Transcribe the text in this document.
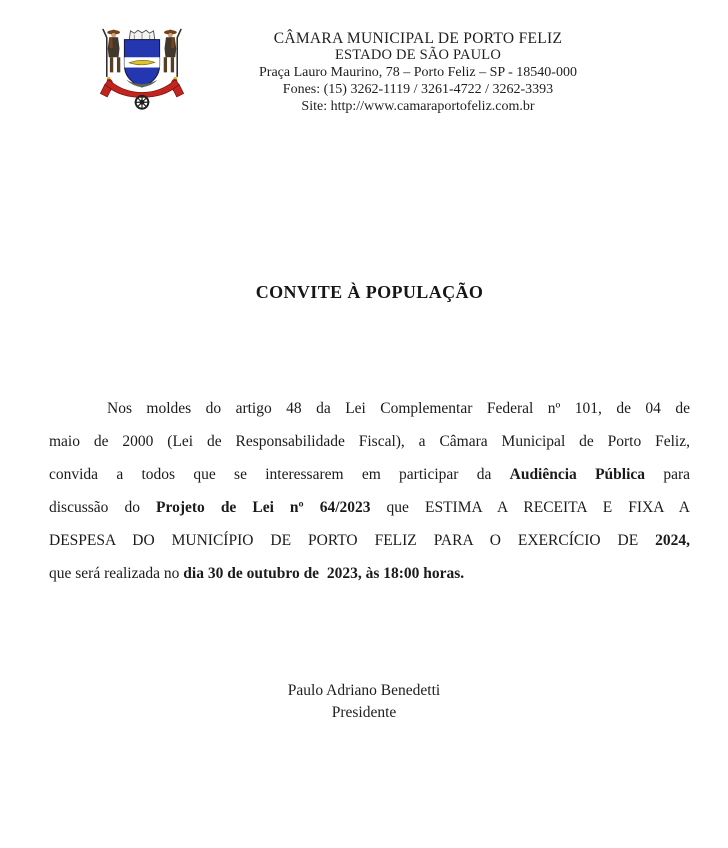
CÂMARA MUNICIPAL DE PORTO FELIZ
ESTADO DE SÃO PAULO
Praça Lauro Maurino, 78 – Porto Feliz – SP - 18540-000
Fones: (15) 3262-1119 / 3261-4722 / 3262-3393
Site: http://www.camaraportofeliz.com.br
CONVITE À POPULAÇÃO
Nos moldes do artigo 48 da Lei Complementar Federal nº 101, de 04 de
maio de 2000 (Lei de Responsabilidade Fiscal), a Câmara Municipal de Porto Feliz,
convida a todos que se interessarem em participar da Audiência Pública para
discussão do Projeto de Lei nº 64/2023 que ESTIMA A RECEITA E FIXA A
DESPESA DO MUNICÍPIO DE PORTO FELIZ PARA O EXERCÍCIO DE 2024,
que será realizada no dia 30 de outubro de  2023, às 18:00 horas.
Paulo Adriano Benedetti
Presidente
